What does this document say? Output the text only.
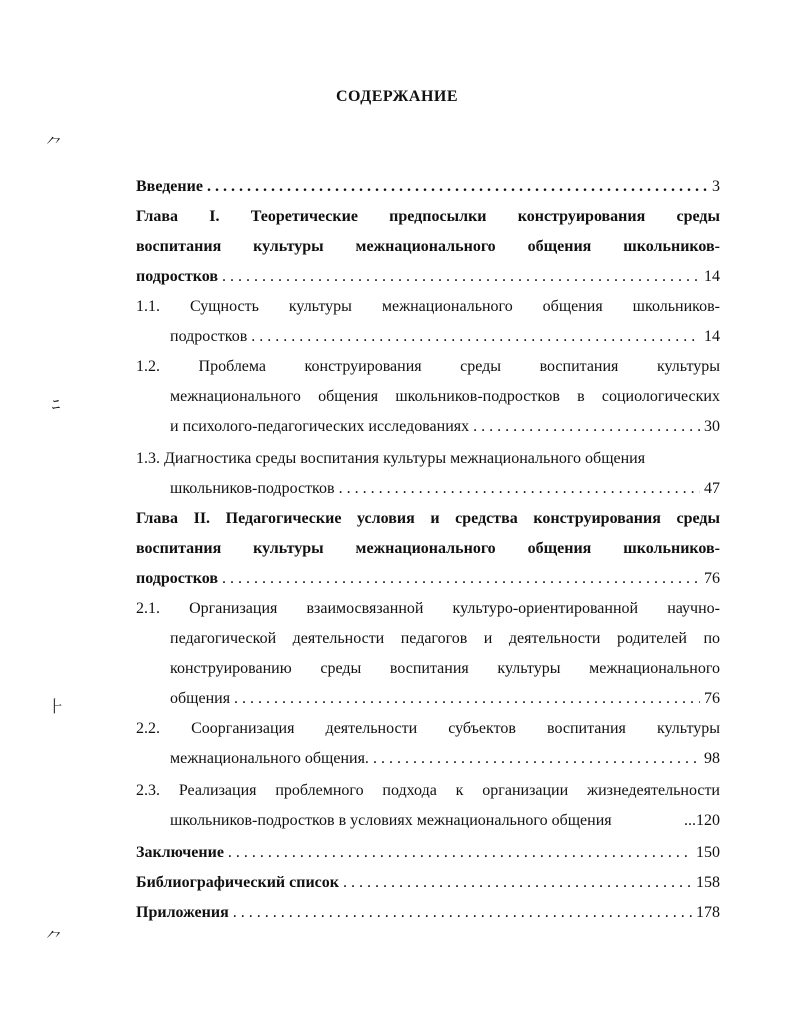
СОДЕРЖАНИЕ
Введение . . .	3
Глава I. Теоретические предпосылки конструирования среды
воспитания культуры межнационального общения школьников-
подростков . . .	14
1.1. Сущность культуры межнационального общения школьников-
подростков . . .	14
1.2. Проблема конструирования среды воспитания культуры
межнационального общения школьников-подростков в социологических
и психолого-педагогических исследованиях . . .	30
1.3. Диагностика среды воспитания культуры межнационального общения
школьников-подростков . . .	47
Глава II. Педагогические условия и средства конструирования среды
воспитания культуры межнационального общения школьников-
подростков . . .	76
2.1. Организация взаимосвязанной культуро-ориентированной научно-
педагогической деятельности педагогов и деятельности родителей по
конструированию среды воспитания культуры межнационального
общения . . .	76
2.2. Соорганизация деятельности субъектов воспитания культуры
межнационального общения. . . .	98
2.3. Реализация проблемного подхода к организации жизнедеятельности
школьников-подростков в условиях межнационального общения	...120
Заключение . . .	150
Библиографический список . . .	158
Приложения . . .	178
⺈
ﾆ
⺊
⺈
